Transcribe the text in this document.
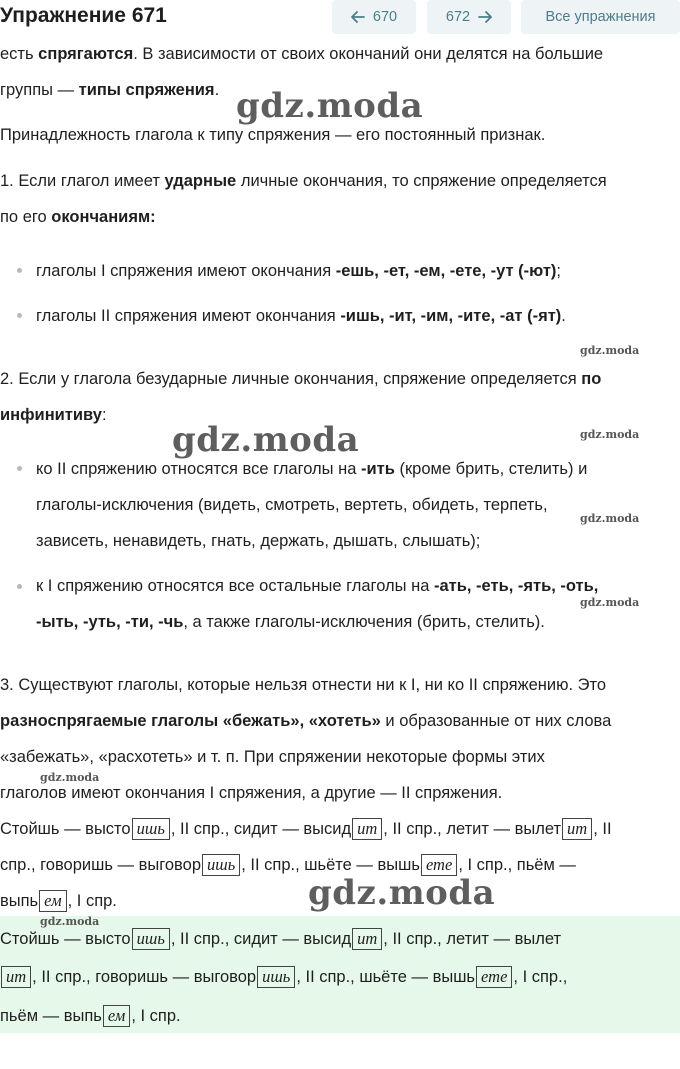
Упражнение 671	670	672	Все упражнения
есть спрягаются. В зависимости от своих окончаний они делятся на большие
группы — типы спряжения.
Принадлежность глагола к типу спряжения — его постоянный признак.
1. Если глагол имеет ударные личные окончания, то спряжение определяется
по его окончаниям:
глаголы I спряжения имеют окончания -ешь, -ет, -ем, -ете, -ут (-ют);
глаголы II спряжения имеют окончания -ишь, -ит, -им, -ите, -ат (-ят).
2. Если у глагола безударные личные окончания, спряжение определяется по
инфинитиву:
ко II спряжению относятся все глаголы на -ить (кроме брить, стелить) и
глаголы-исключения (видеть, смотреть, вертеть, обидеть, терпеть,
зависеть, ненавидеть, гнать, держать, дышать, слышать);
к I спряжению относятся все остальные глаголы на -ать, -еть, -ять, -оть,
-ыть, -уть, -ти, -чь, а также глаголы-исключения (брить, стелить).
3. Существуют глаголы, которые нельзя отнести ни к I, ни ко II спряжению. Это
разноспрягаемые глаголы «бежать», «хотеть» и образованные от них слова
«забежать», «расхотеть» и т. п. При спряжении некоторые формы этих
глаголов имеют окончания I спряжения, а другие — II спряжения.
Стойшь — высто ишь , II спр., сидит — высид ит , II спр., летит — вылет ит , II
спр., говоришь — выговор ишь , II спр., шьёте — вышь ете , I спр., пьём —
выпь ем , I спр.
Стойшь — высто ишь , II спр., сидит — высид ит , II спр., летит — вылет
ит , II спр., говоришь — выговор ишь , II спр., шьёте — вышь ете , I спр.,
пьём — выпь ем , I спр.
gdz.moda
gdz.moda
gdz.moda	gdz.moda
gdz.moda
gdz.moda
gdz.moda
gdz.moda
gdz.moda
